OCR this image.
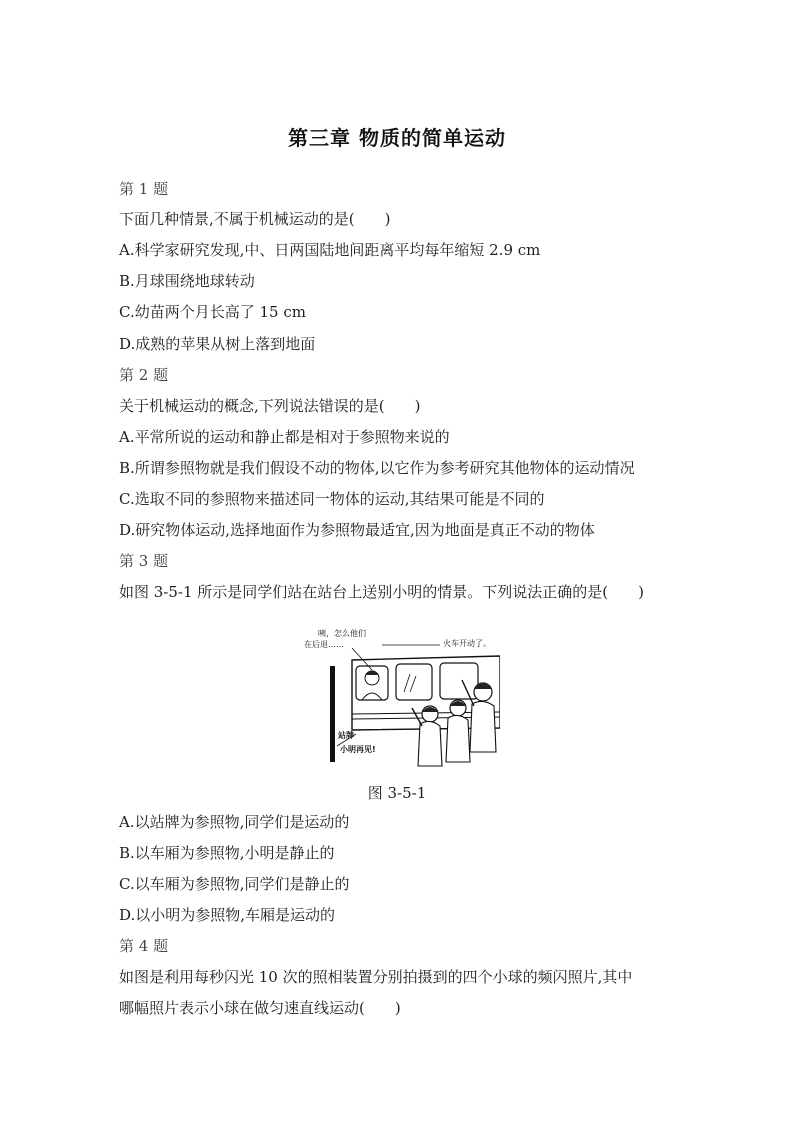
第三章 物质的简单运动
第 1 题
下面几种情景,不属于机械运动的是(　　)
A.科学家研究发现,中、日两国陆地间距离平均每年缩短 2.9 cm
B.月球围绕地球转动
C.幼苗两个月长高了 15 cm
D.成熟的苹果从树上落到地面
第 2 题
关于机械运动的概念,下列说法错误的是(　　)
A.平常所说的运动和静止都是相对于参照物来说的
B.所谓参照物就是我们假设不动的物体,以它作为参考研究其他物体的运动情况
C.选取不同的参照物来描述同一物体的运动,其结果可能是不同的
D.研究物体运动,选择地面作为参照物最适宜,因为地面是真正不动的物体
第 3 题
如图 3-5-1 所示是同学们站在站台上送别小明的情景。下列说法正确的是(　　)
咦，怎么他们
在后退……	火车开动了。
站牌
小明再见!
图 3-5-1
A.以站牌为参照物,同学们是运动的
B.以车厢为参照物,小明是静止的
C.以车厢为参照物,同学们是静止的
D.以小明为参照物,车厢是运动的
第 4 题
如图是利用每秒闪光 10 次的照相装置分别拍摄到的四个小球的频闪照片,其中
哪幅照片表示小球在做匀速直线运动(　　)
